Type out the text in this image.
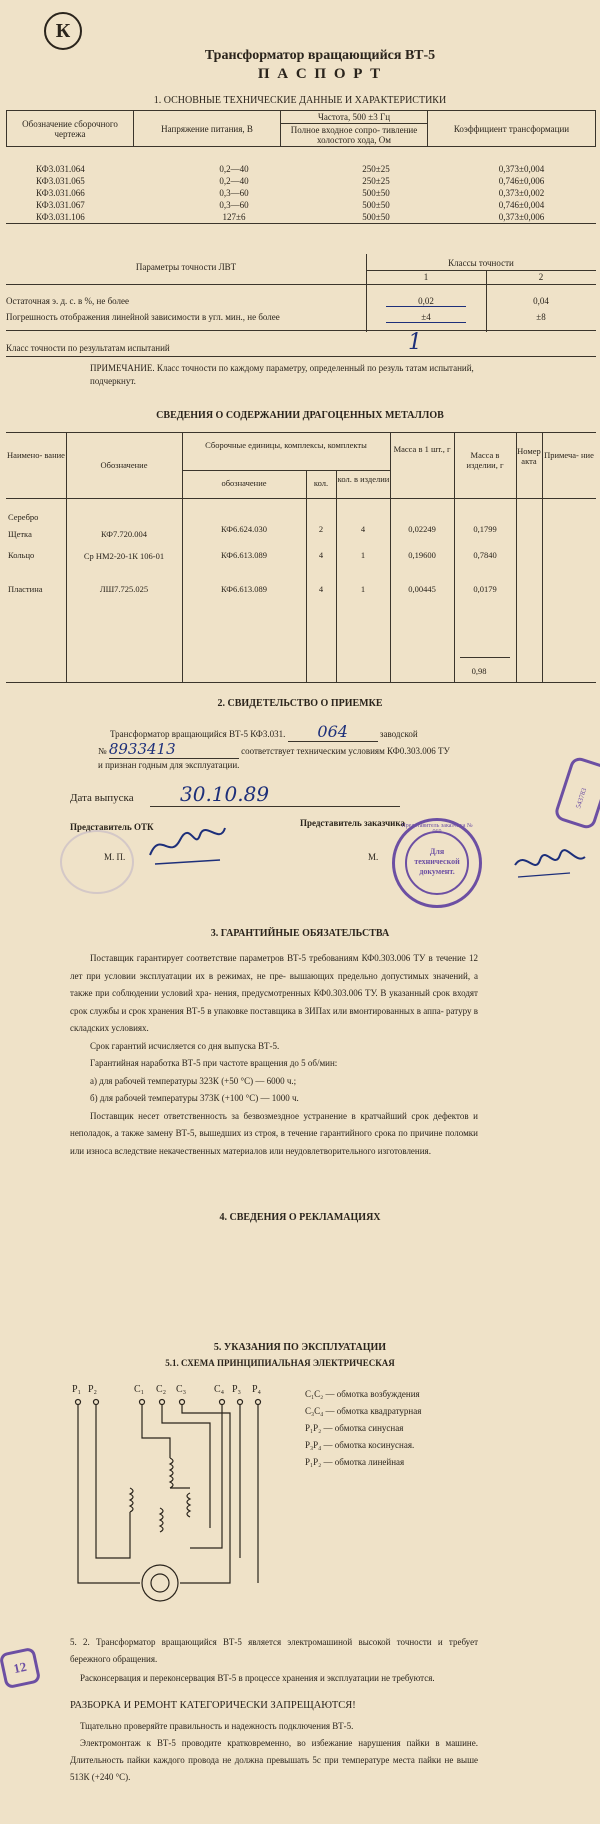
К
Трансформатор вращающийся ВТ-5
П А С П О Р Т
1. ОСНОВНЫЕ ТЕХНИЧЕСКИЕ ДАННЫЕ И ХАРАКТЕРИСТИКИ
Обозначение сборочного чертежа	Напряжение питания, В	Частота, 500 ±3 Гц	Коэффициент трансформации
Полное входное сопро- тивление холостого хода, Ом
КФ3.031.064	0,2—40	250±25	0,373±0,004
КФ3.031.065	0,2—40	250±25	0,746±0,006
КФ3.031.066	0,3—60	500±50	0,373±0,002
КФ3.031.067	0,3—60	500±50	0,746±0,004
КФ3.031.106	127±6	500±50	0,373±0,006
Параметры точности ЛВТ	Классы точности
1	2
Остаточная э. д. с. в %, не более	0,02	0,04
Погрешность отображения линейной зависимости в угл. мин., не более	±4	±8
Класс точности по результатам испытаний	1
ПРИМЕЧАНИЕ. Класс точности по каждому параметру, определенный по резуль татам испытаний, подчеркнут.
СВЕДЕНИЯ О СОДЕРЖАНИИ ДРАГОЦЕННЫХ МЕТАЛЛОВ
Наимено- вание
Обозначение
Сборочные единицы, комплексы, комплекты
обозначение	кол.	кол. в изделии
Масса в 1 шт., г
Масса в изделии, г
Номер акта
Примеча- ние
Серебро
Щетка	КФ7.720.004	КФ6.624.030	2	4	0,02249	0,1799
Кольцо	Ср НМ2-20-1К 106-01	КФ6.613.089	4	1	0,19600	0,7840
Пластина	ЛШ7.725.025	КФ6.613.089	4	1	0,00445	0,0179
0,98
2. СВИДЕТЕЛЬСТВО О ПРИЕМКЕ
Трансформатор вращающийся ВТ-5 КФ3.031. 064	заводской
№ 8933413	соответствует техническим условиям КФ0.303.006 ТУ
и признан годным для эксплуатации.
Дата выпуска	30.10.89
Представитель ОТК
М. П.
Представитель заказчика
М.
Для технической документ.
Представитель заказчика № 069
543783
3. ГАРАНТИЙНЫЕ ОБЯЗАТЕЛЬСТВА

Поставщик гарантирует соответствие параметров ВТ-5 требованиям КФ0.303.006 ТУ в течение 12 лет при условии эксплуатации их в режимах, не пре- вышающих предельно допустимых значений, а также при соблюдении условий хра- нения, предусмотренных КФ0.303.006 ТУ. В указанный срок входят срок службы и срок хранения ВТ-5 в упаковке поставщика в ЗИПах или вмонтированных в аппа- ратуру в складских условиях.

Срок гарантий исчисляется со дня выпуска ВТ-5.

Гарантийная наработка ВТ-5 при частоте вращения до 5 об/мин:

а) для рабочей температуры 323К (+50 °С) — 6000 ч.;

б) для рабочей температуры 373К (+100 °С) — 1000 ч.

Поставщик несет ответственность за безвозмездное устранение в кратчайший срок дефектов и неполадок, а также замену ВТ-5, вышедших из строя, в течение гарантийного срока по причине поломки или износа вследствие некачественных материалов или неудовлетворительного изготовления.

4. СВЕДЕНИЯ О РЕКЛАМАЦИЯХ
5. УКАЗАНИЯ ПО ЭКСПЛУАТАЦИИ
5.1. СХЕМА ПРИНЦИПИАЛЬНАЯ ЭЛЕКТРИЧЕСКАЯ
P₁ P₂	C₁ C₂ C₃	C₄ P₃ P₄	C₁C₂ — обмотка возбуждения
C₃C₄ — обмотка квадратурная
P₁P₂ — обмотка синусная
P₃P₄ — обмотка косинусная.
P₁P₂ — обмотка линейная

5. 2. Трансформатор вращающийся ВТ-5 является электромашиной высокой точности и требует бережного обращения.

Расконсервация и переконсервация ВТ-5 в процессе хранения и эксплуатации не требуются.

РАЗБОРКА И РЕМОНТ КАТЕГОРИЧЕСКИ ЗАПРЕЩАЮТСЯ!

Тщательно проверяйте правильность и надежность подключения ВТ-5.

Электромонтаж к ВТ-5 проводите кратковременно, во избежание нарушения пайки в машине. Длительность пайки каждого провода не должна превышать 5с при температуре места пайки не выше 513К (+240 °С).

12
